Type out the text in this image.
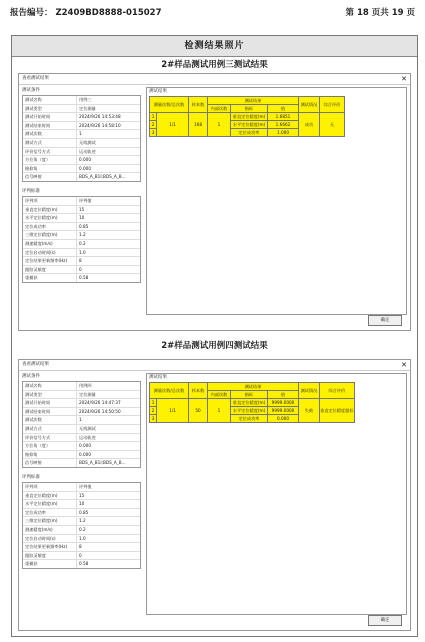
报告编号： Z2409BD8888-015027	第 18 页共 19 页
检测结果照片
2#样品测试用例三测试结果
查看测试结果	✕
测试条件
测试名称	用例三
测试类型	定位测量
测试开始时间	2024/9/26 14:53:48
测试结束时间	2024/9/26 14:58:10
测试次数	1
测试方式	无线测试
评价信号方式	运动轨迹
方位角（度）	0.000
俯仰角	0.000
信号映射	BDS_A_B1I;BDS_A_B...
评判标准
评判项	评判值
垂直定位精度(m)	15
水平定位精度(m)	10
定位成功率	0.85
三维定位精度(m)	1.2
测速精度(m/s)	0.2
定位启动时间(s)	1.0
定位结果更新频率(Hz)	8
跟踪灵敏度	0
重捕获	0.58
测试结果
测量次数/总次数		样本数	测试结果			测试情况	综合评价
			内部次数	指标	值		
1	1/1	168	1	垂直定位精度(m)	1.6851	成功	无
2				水平定位精度(m)	1.6662		
3				定位成功率	1.000		
确定
2#样品测试用例四测试结果
查看测试结果	✕
测试条件
测试名称	用例四
测试类型	定位测量
测试开始时间	2024/9/26 14:47:37
测试结束时间	2024/9/26 14:50:50
测试次数	1
测试方式	无线测试
评价信号方式	运动轨迹
方位角（度）	0.000
俯仰角	0.000
信号映射	BDS_A_B1I;BDS_A_B...
评判标准
评判项	评判值
垂直定位精度(m)	15
水平定位精度(m)	10
定位成功率	0.85
三维定位精度(m)	1.2
测速精度(m/s)	0.2
定位启动时间(s)	1.0
定位结果更新频率(Hz)	8
跟踪灵敏度	0
重捕获	0.58
测试结果
测量次数/总次数		样本数	测试结果			测试情况	综合评价
			内部次数	指标	值		
1	1/1	50	1	垂直定位精度(m)	9999.0000	失败	垂直定位精度超标
2				水平定位精度(m)	9999.0000		
3				定位成功率	0.000		
确定
